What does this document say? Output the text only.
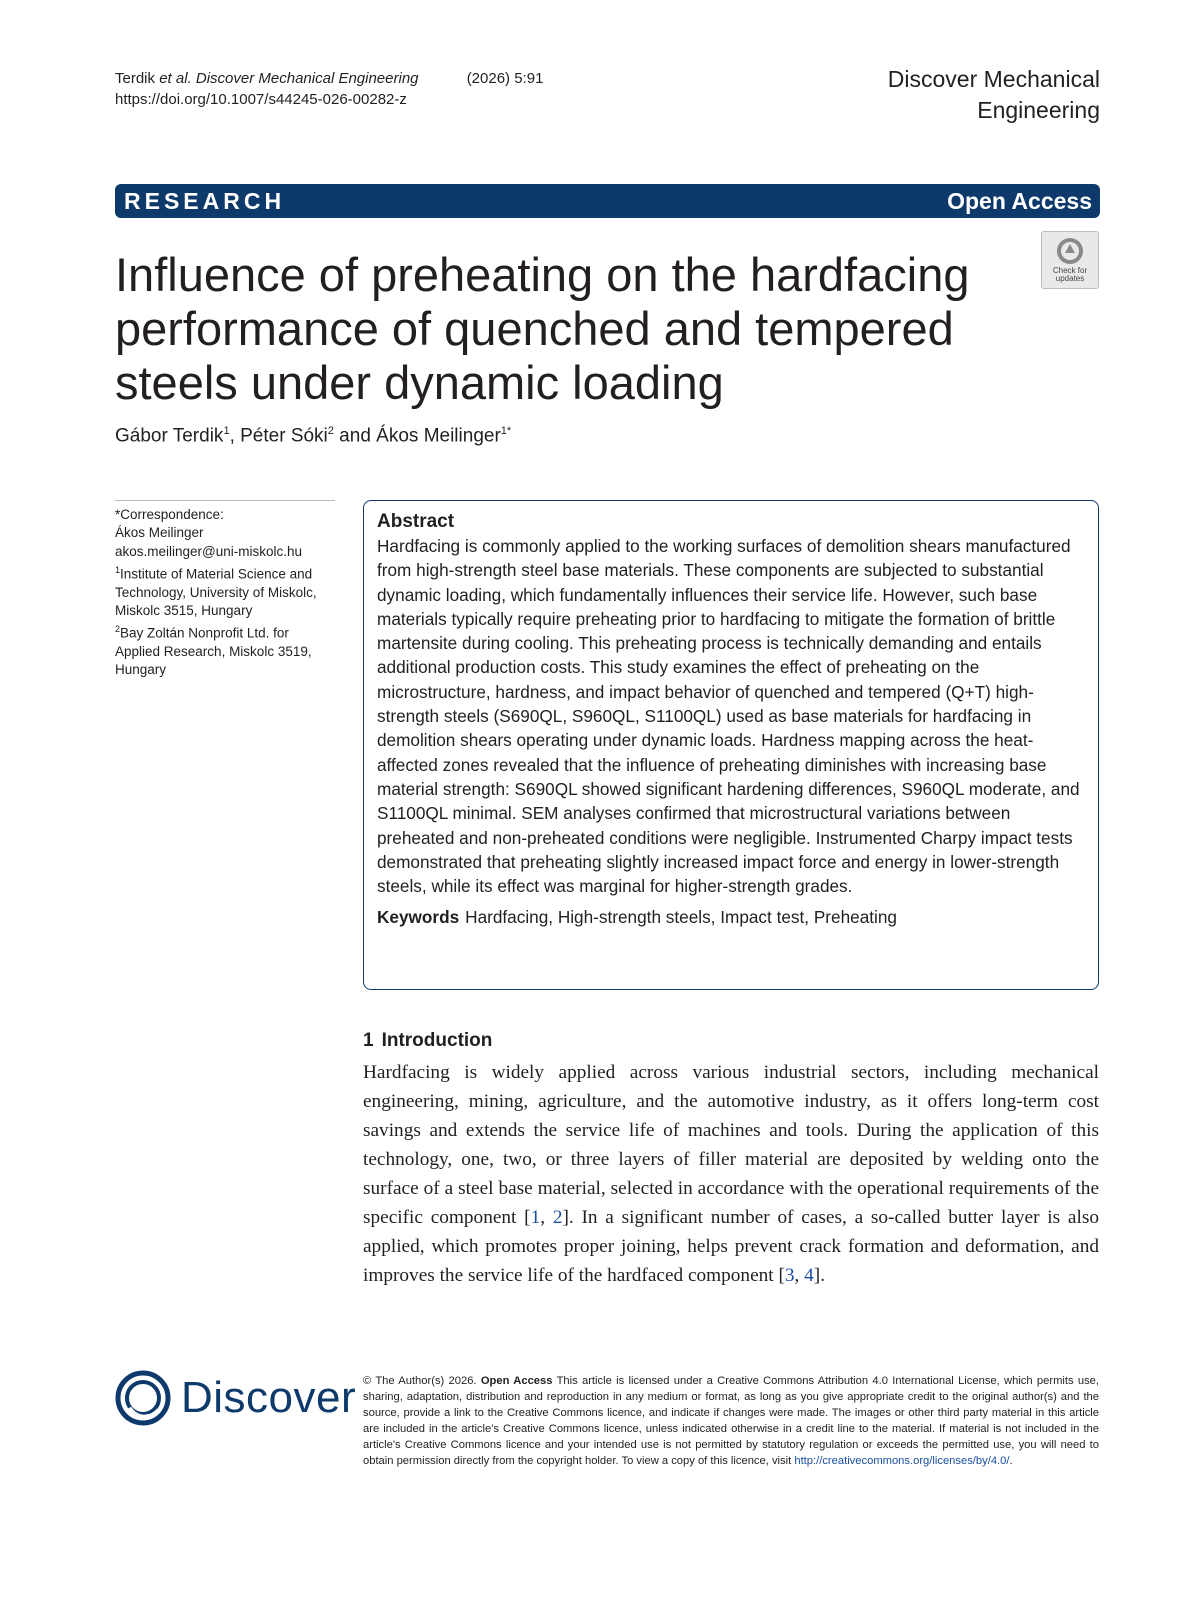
Terdik et al. Discover Mechanical Engineering	(2026) 5:91
https://doi.org/10.1007/s44245-026-00282-z
Discover Mechanical
Engineering
RESEARCH	Open Access
Check for
updates
Influence of preheating on the hardfacing performance of quenched and tempered steels under dynamic loading
Gábor Terdik$^1$, Péter Sóki$^2$ and Ákos Meilinger$^{1*}$
*Correspondence:
Ákos Meilinger
akos.meilinger@uni-miskolc.hu
$^1$Institute of Material Science and Technology, University of Miskolc, Miskolc 3515, Hungary
$^2$Bay Zoltán Nonprofit Ltd. for Applied Research, Miskolc 3519, Hungary
Abstract

Hardfacing is commonly applied to the working surfaces of demolition shears manufactured from high-strength steel base materials. These components are subjected to substantial dynamic loading, which fundamentally influences their service life. However, such base materials typically require preheating prior to hardfacing to mitigate the formation of brittle martensite during cooling. This preheating process is technically demanding and entails additional production costs. This study examines the effect of preheating on the microstructure, hardness, and impact behavior of quenched and tempered (Q+T) high-strength steels (S690QL, S960QL, S1100QL) used as base materials for hardfacing in demolition shears operating under dynamic loads. Hardness mapping across the heat-affected zones revealed that the influence of preheating diminishes with increasing base material strength: S690QL showed significant hardening differences, S960QL moderate, and S1100QL minimal. SEM analyses confirmed that microstructural variations between preheated and non-preheated conditions were negligible. Instrumented Charpy impact tests demonstrated that preheating slightly increased impact force and energy in lower-strength steels, while its effect was marginal for higher-strength grades.

Keywords Hardfacing, High-strength steels, Impact test, Preheating
1 Introduction

Hardfacing is widely applied across various industrial sectors, including mechanical engineering, mining, agriculture, and the automotive industry, as it offers long-term cost savings and extends the service life of machines and tools. During the application of this technology, one, two, or three layers of filler material are deposited by welding onto the surface of a steel base material, selected in accordance with the operational requirements of the specific component [1, 2]. In a significant number of cases, a so-called butter layer is also applied, which promotes proper joining, helps prevent crack formation and deformation, and improves the service life of the hardfaced component [3, 4].

Discover © The Author(s) 2026. Open Access This article is licensed under a Creative Commons Attribution 4.0 International License, which permits use, sharing, adaptation, distribution and reproduction in any medium or format, as long as you give appropriate credit to the original author(s) and the source, provide a link to the Creative Commons licence, and indicate if changes were made. The images or other third party material in this article are included in the article's Creative Commons licence, unless indicated otherwise in a credit line to the material. If material is not included in the article's Creative Commons licence and your intended use is not permitted by statutory regulation or exceeds the permitted use, you will need to obtain permission directly from the copyright holder. To view a copy of this licence, visit http://creativecommons.org/licenses/by/4.0/.
